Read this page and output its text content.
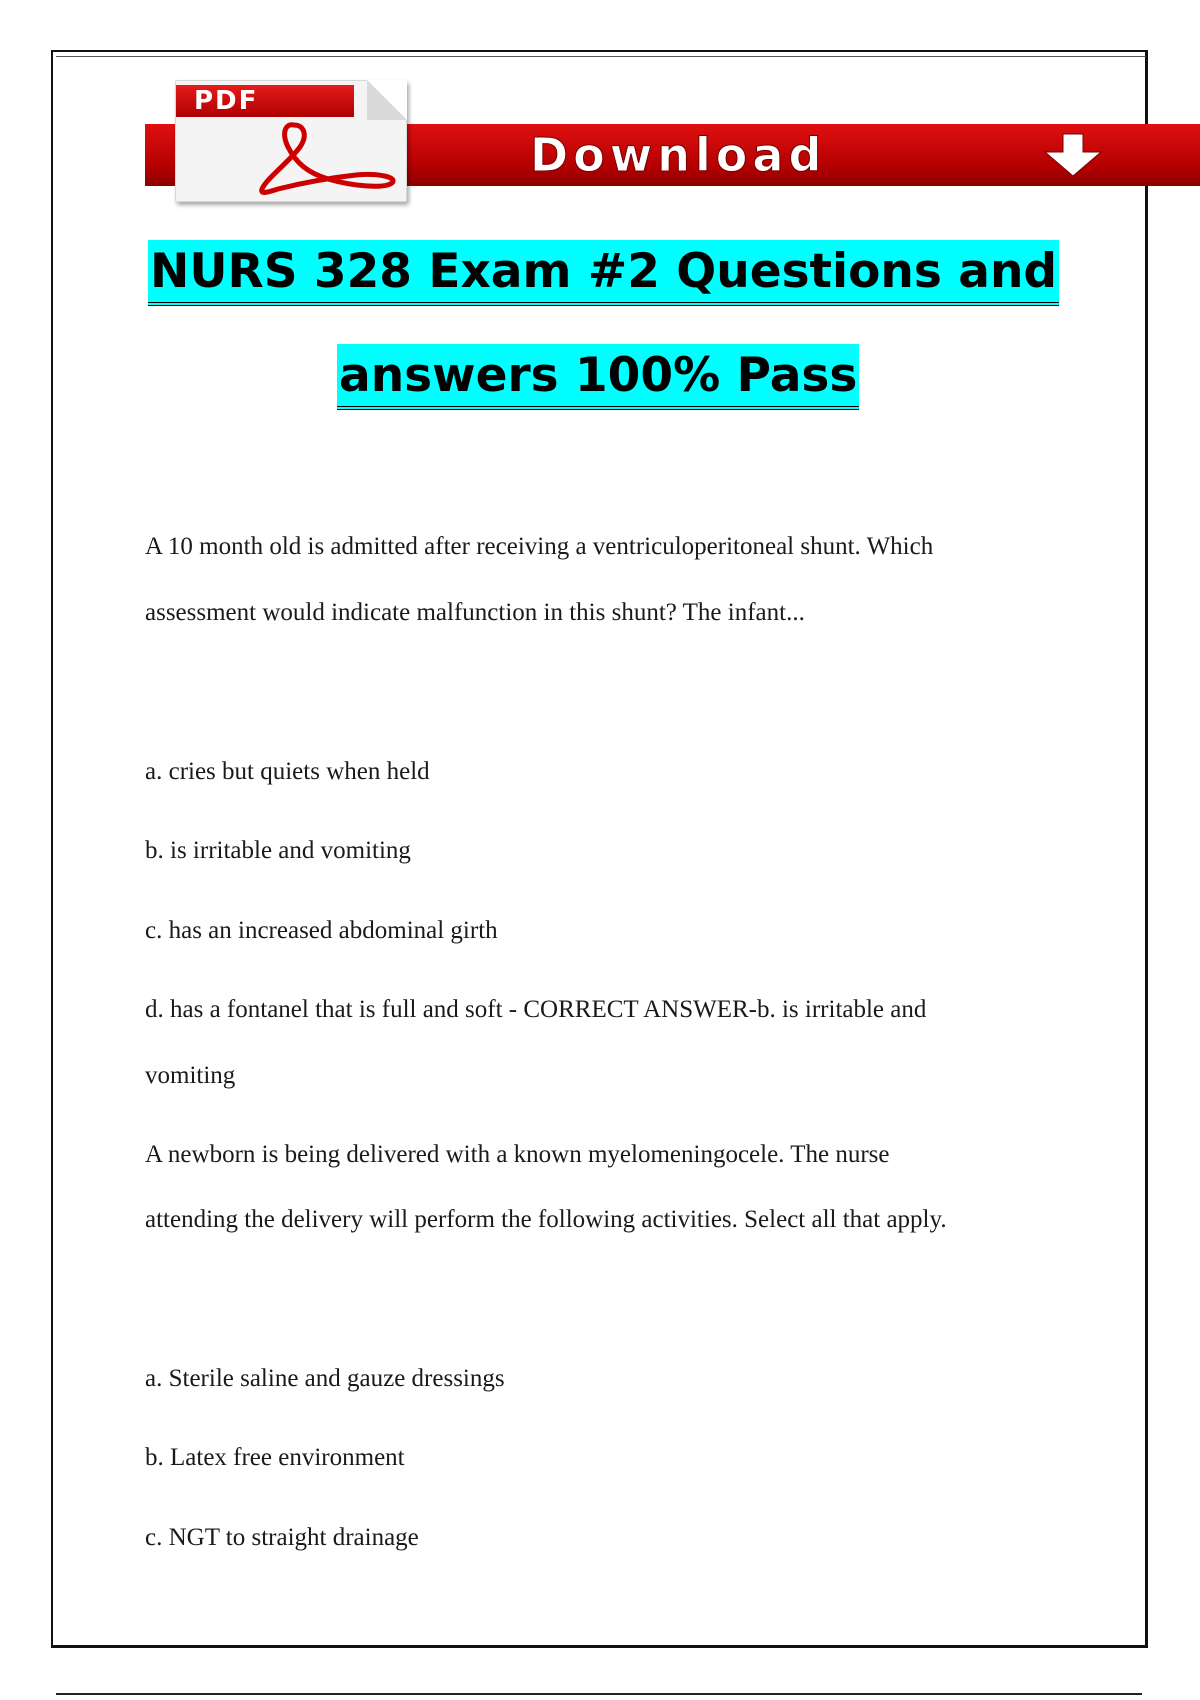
Download
PDF
NURS 328 Exam #2 Questions and
answers 100% Pass
A 10 month old is admitted after receiving a ventriculoperitoneal shunt. Which
assessment would indicate malfunction in this shunt? The infant...
a. cries but quiets when held
b. is irritable and vomiting
c. has an increased abdominal girth
d. has a fontanel that is full and soft - CORRECT ANSWER-b. is irritable and
vomiting
A newborn is being delivered with a known myelomeningocele. The nurse
attending the delivery will perform the following activities. Select all that apply.
a. Sterile saline and gauze dressings
b. Latex free environment
c. NGT to straight drainage
